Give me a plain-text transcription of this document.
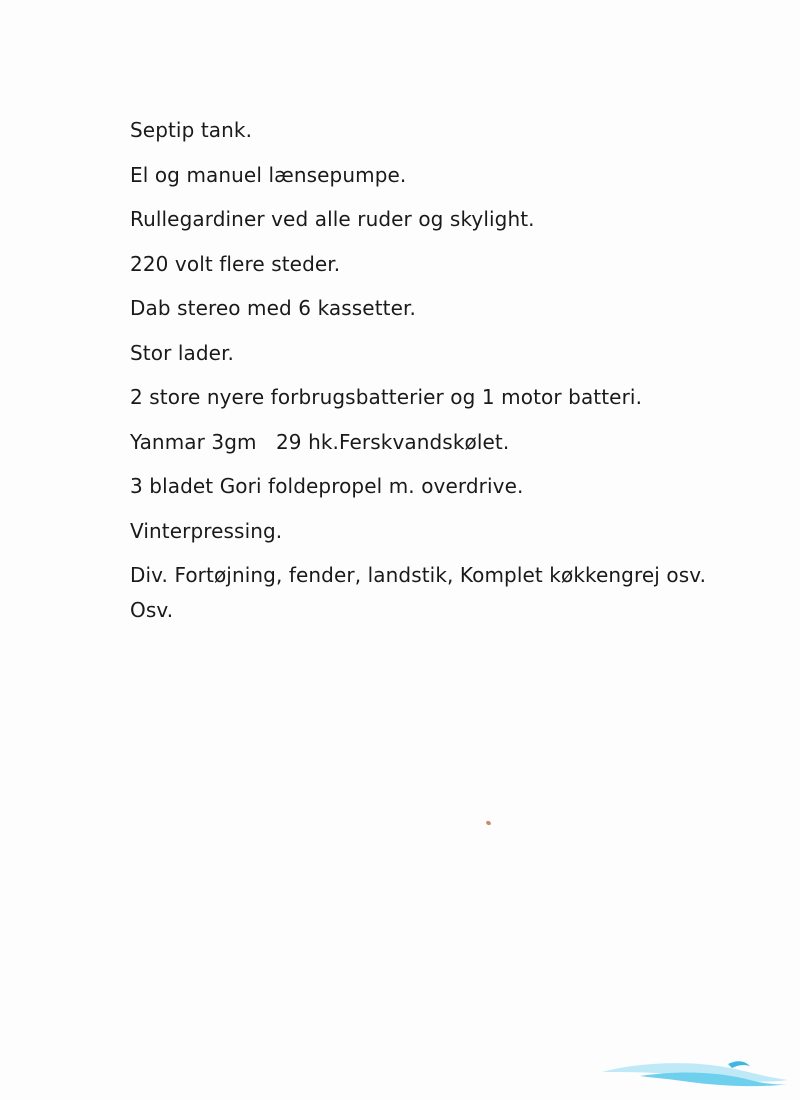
Septip tank.
El og manuel lænsepumpe.
Rullegardiner ved alle ruder og skylight.
220 volt flere steder.
Dab stereo med 6 kassetter.
Stor lader.
2 store nyere forbrugsbatterier og 1 motor batteri.
Yanmar 3gm   29 hk.Ferskvandskølet.
3 bladet Gori foldepropel m. overdrive.
Vinterpressing.
Div. Fortøjning, fender, landstik, Komplet køkkengrej osv.
Osv.
